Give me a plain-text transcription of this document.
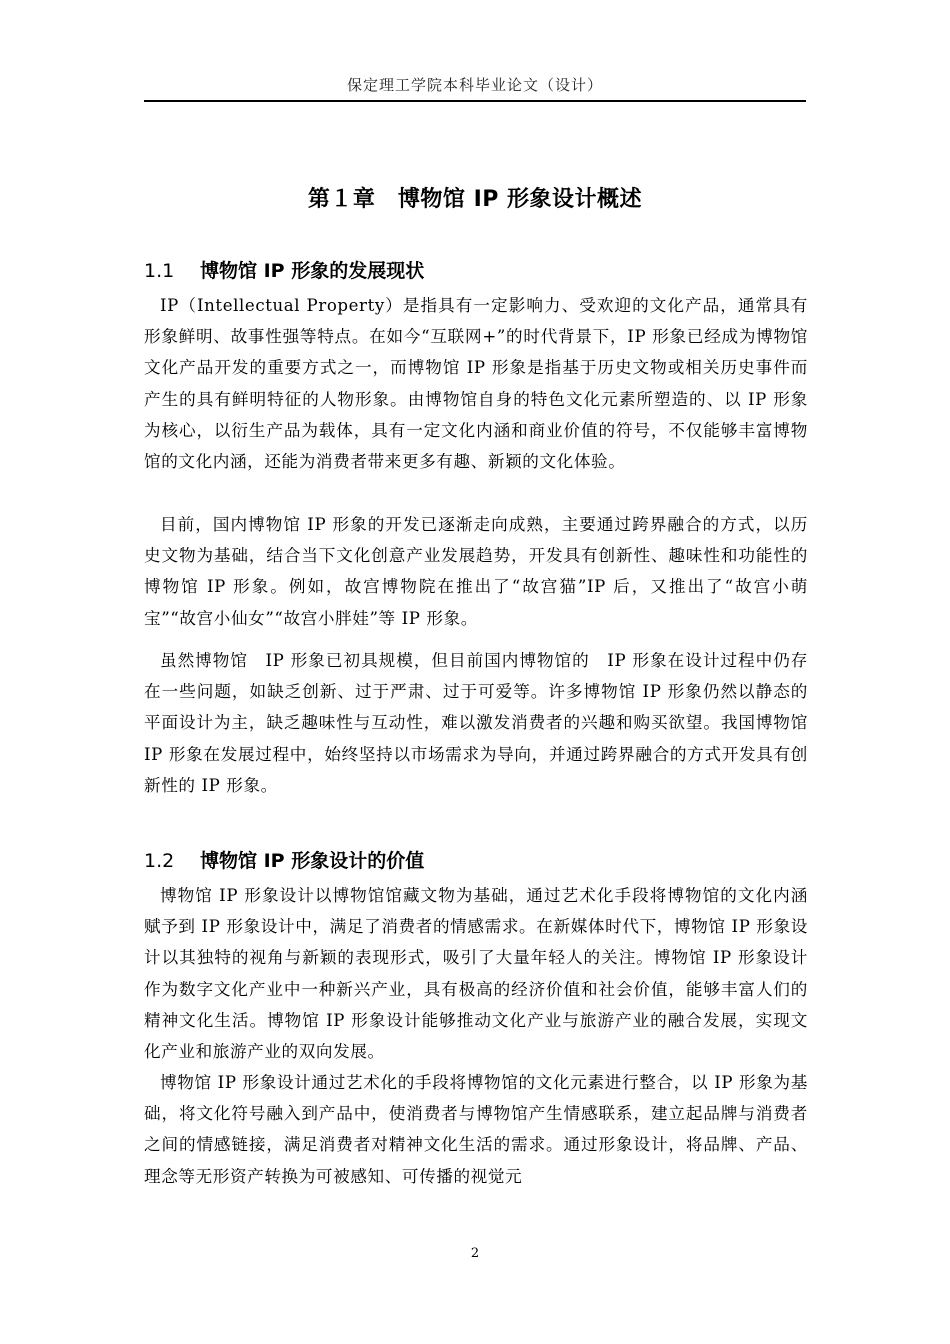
保定理工学院本科毕业论文（设计）
第１章　博物馆 IP 形象设计概述
1.1 博物馆 IP 形象的发展现状
IP（Intellectual Property）是指具有一定影响力、受欢迎的文化产品，通常具有形象鲜明、故事性强等特点。在如今“互联网+”的时代背景下，IP 形象已经成为博物馆文化产品开发的重要方式之一，而博物馆 IP 形象是指基于历史文物或相关历史事件而产生的具有鲜明特征的人物形象。由博物馆自身的特色文化元素所塑造的、以 IP 形象为核心，以衍生产品为载体，具有一定文化内涵和商业价值的符号，不仅能够丰富博物馆的文化内涵，还能为消费者带来更多有趣、新颖的文化体验。
目前，国内博物馆 IP 形象的开发已逐渐走向成熟，主要通过跨界融合的方式，以历史文物为基础，结合当下文化创意产业发展趋势，开发具有创新性、趣味性和功能性的博物馆 IP 形象。例如，故宫博物院在推出了“故宫猫”IP 后，又推出了“故宫小萌宝”“故宫小仙女”“故宫小胖娃”等 IP 形象。
虽然博物馆　IP 形象已初具规模，但目前国内博物馆的　IP 形象在设计过程中仍存在一些问题，如缺乏创新、过于严肃、过于可爱等。许多博物馆 IP 形象仍然以静态的平面设计为主，缺乏趣味性与互动性，难以激发消费者的兴趣和购买欲望。我国博物馆 IP 形象在发展过程中，始终坚持以市场需求为导向，并通过跨界融合的方式开发具有创新性的 IP 形象。
1.2 博物馆 IP 形象设计的价值
博物馆 IP 形象设计以博物馆馆藏文物为基础，通过艺术化手段将博物馆的文化内涵赋予到 IP 形象设计中，满足了消费者的情感需求。在新媒体时代下，博物馆 IP 形象设计以其独特的视角与新颖的表现形式，吸引了大量年轻人的关注。博物馆 IP 形象设计作为数字文化产业中一种新兴产业，具有极高的经济价值和社会价值，能够丰富人们的精神文化生活。博物馆 IP 形象设计能够推动文化产业与旅游产业的融合发展，实现文化产业和旅游产业的双向发展。
博物馆 IP 形象设计通过艺术化的手段将博物馆的文化元素进行整合，以 IP 形象为基础，将文化符号融入到产品中，使消费者与博物馆产生情感联系，建立起品牌与消费者之间的情感链接，满足消费者对精神文化生活的需求。通过形象设计，将品牌、产品、理念等无形资产转换为可被感知、可传播的视觉元
2
